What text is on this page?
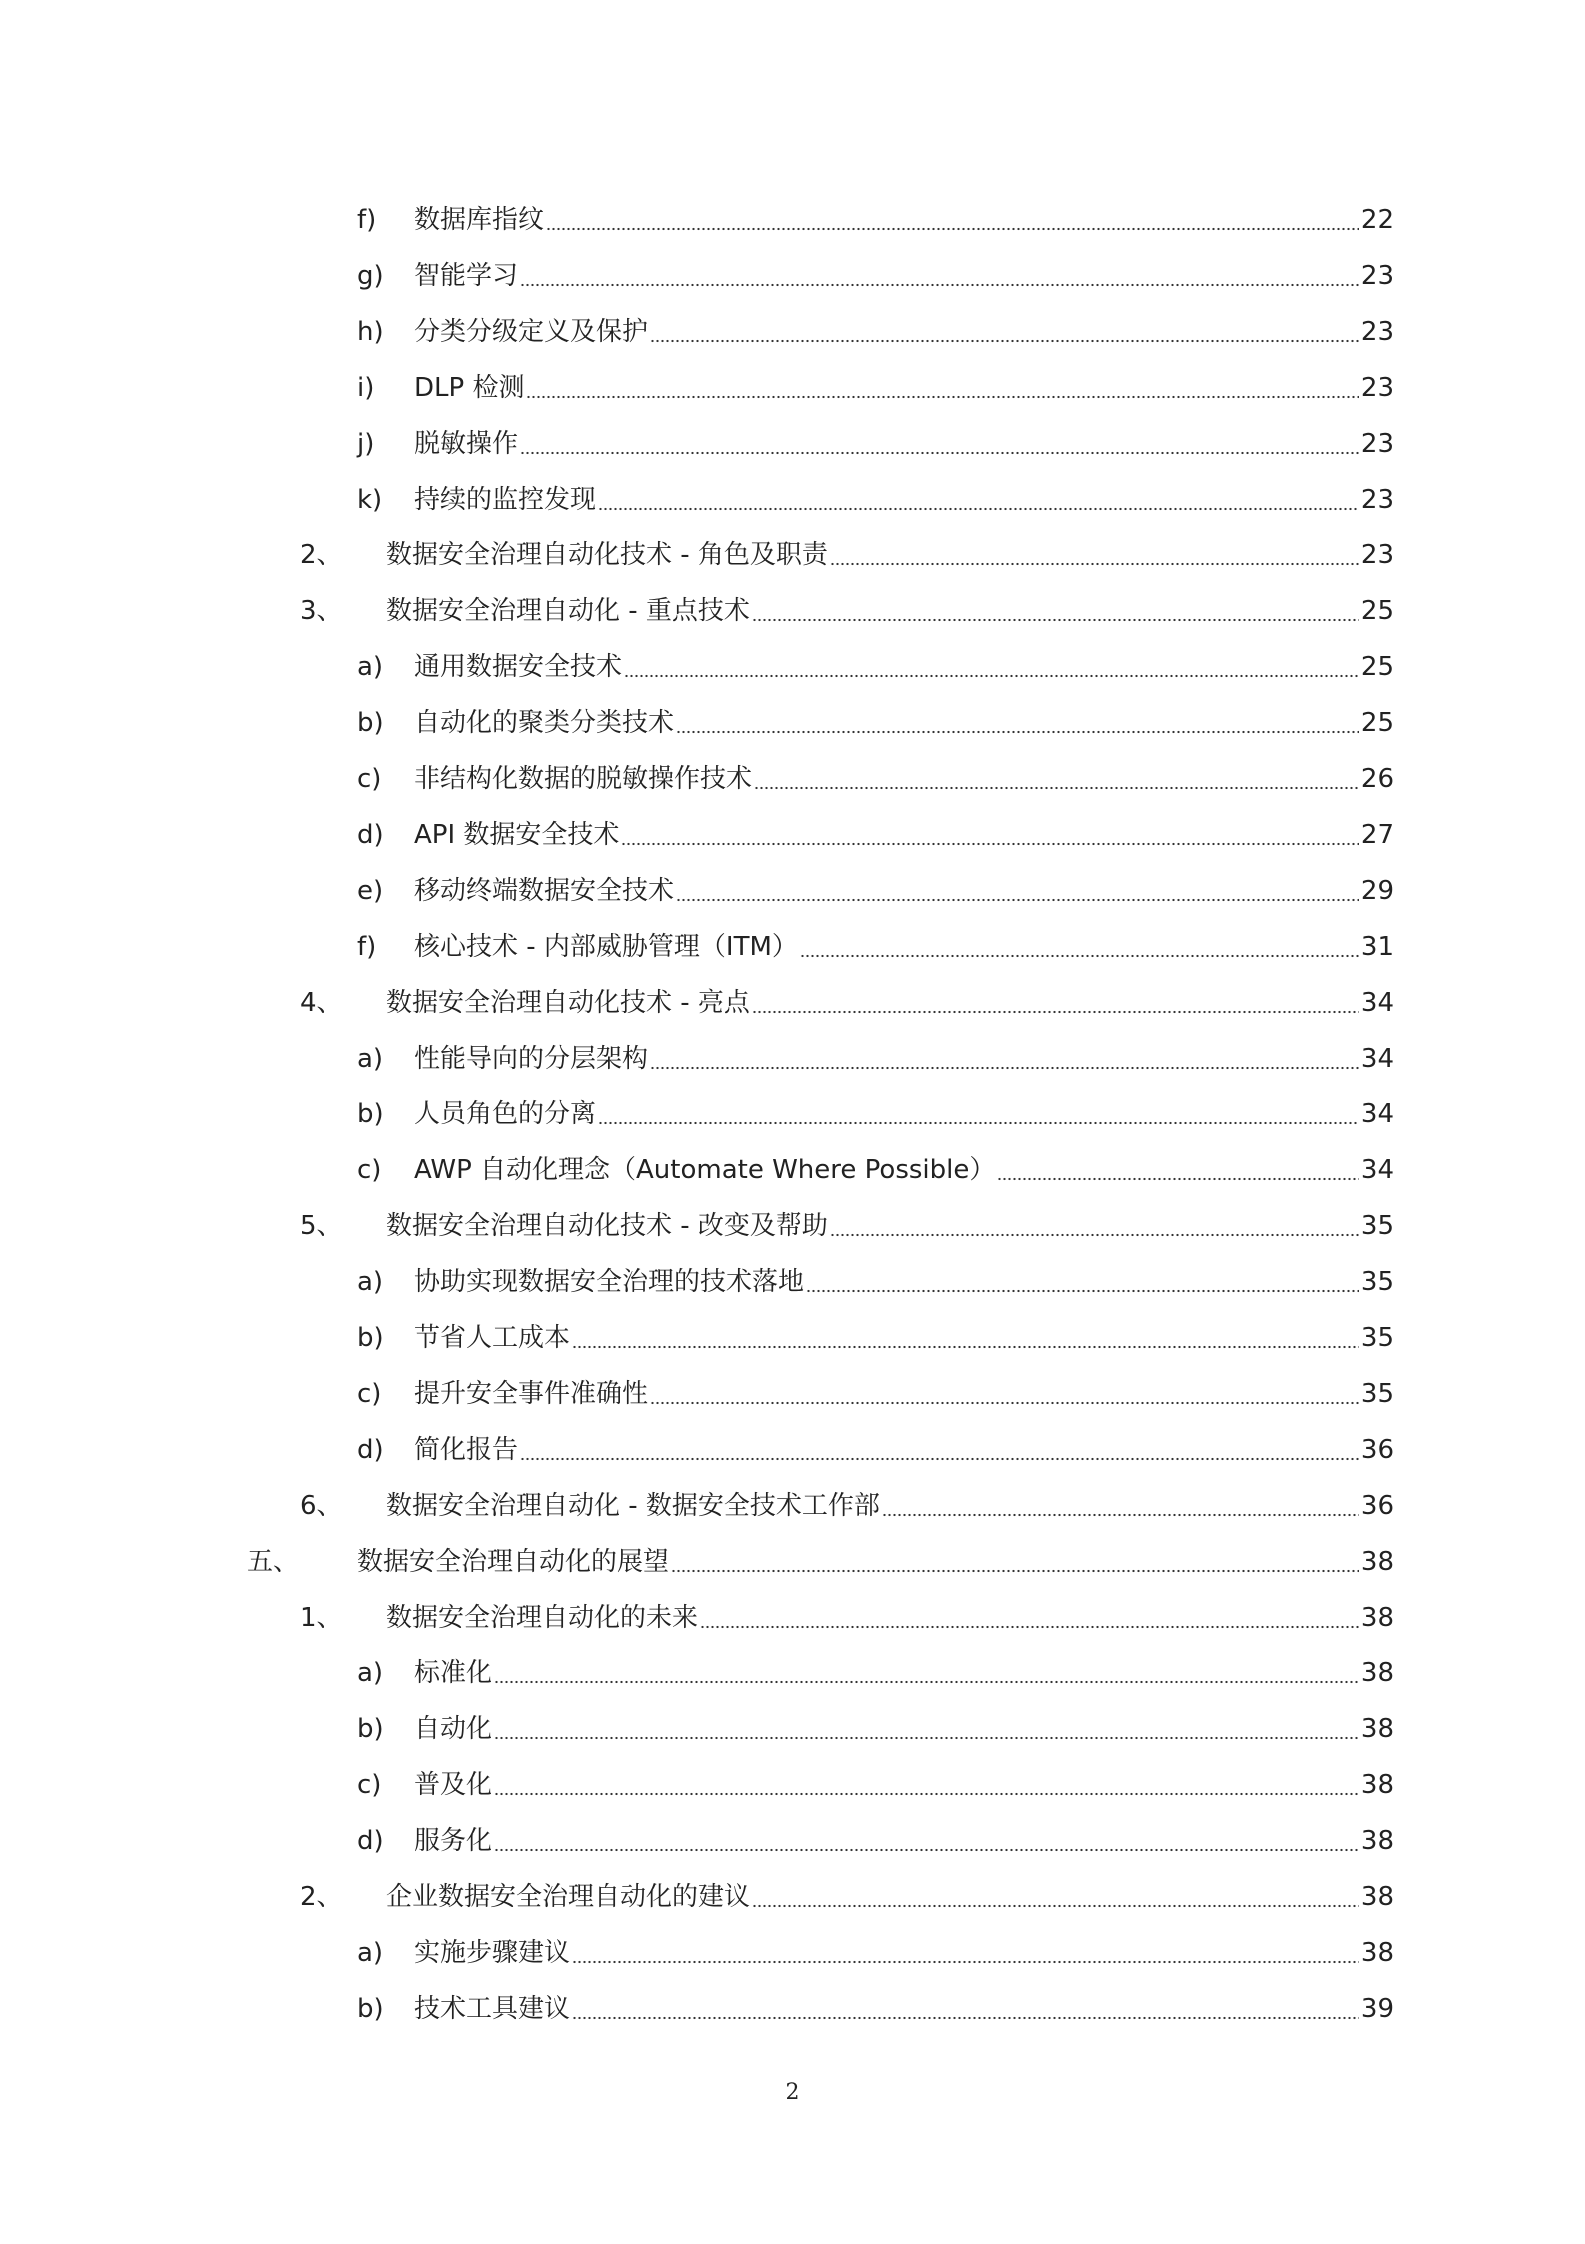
f) 数据库指纹	22
g) 智能学习	23
h) 分类分级定义及保护	23
i) DLP 检测	23
j) 脱敏操作	23
k) 持续的监控发现	23
2、 数据安全治理自动化技术 - 角色及职责	23
3、 数据安全治理自动化 - 重点技术	25
a) 通用数据安全技术	25
b) 自动化的聚类分类技术	25
c) 非结构化数据的脱敏操作技术	26
d) API 数据安全技术	27
e) 移动终端数据安全技术	29
f) 核心技术 - 内部威胁管理（ITM）	31
4、 数据安全治理自动化技术 - 亮点	34
a) 性能导向的分层架构	34
b) 人员角色的分离	34
c) AWP 自动化理念（Automate Where Possible）	34
5、 数据安全治理自动化技术 - 改变及帮助	35
a) 协助实现数据安全治理的技术落地	35
b) 节省人工成本	35
c) 提升安全事件准确性	35
d) 简化报告	36
6、 数据安全治理自动化 - 数据安全技术工作部	36
五、 数据安全治理自动化的展望	38
1、 数据安全治理自动化的未来	38
a) 标准化	38
b) 自动化	38
c) 普及化	38
d) 服务化	38
2、 企业数据安全治理自动化的建议	38
a) 实施步骤建议	38
b) 技术工具建议	39
2
